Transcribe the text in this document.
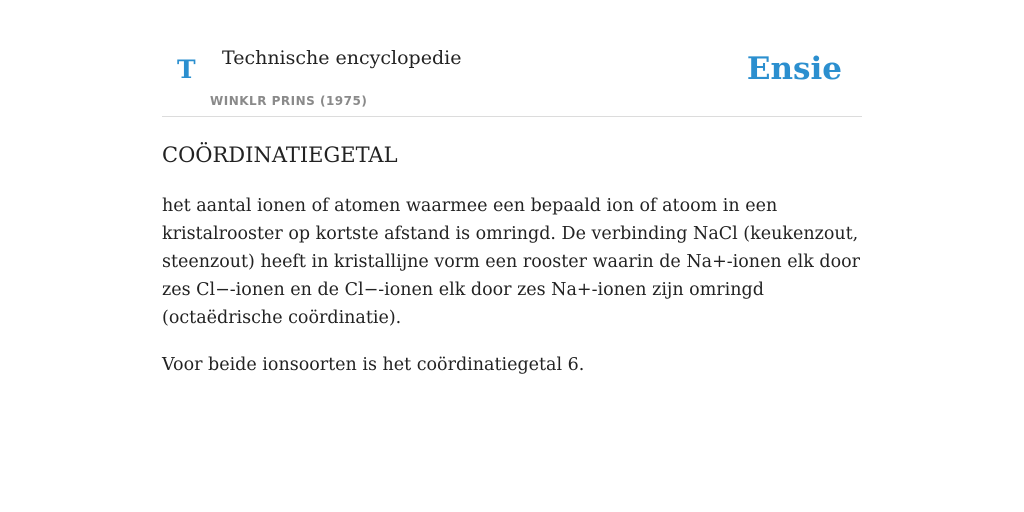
T Technische encyclopedie
WINKLR PRINS (1975)
Ensie
COÖRDINATIEGETAL

het aantal ionen of atomen waarmee een bepaald ion of atoom in een kristalrooster op kortste afstand is omringd. De verbinding NaCl (keukenzout, steenzout) heeft in kristallijne vorm een rooster waarin de Na+-ionen elk door zes Cl−-ionen en de Cl−-ionen elk door zes Na+-ionen zijn omringd (octaëdrische coördinatie).

Voor beide ionsoorten is het coördinatiegetal 6.
